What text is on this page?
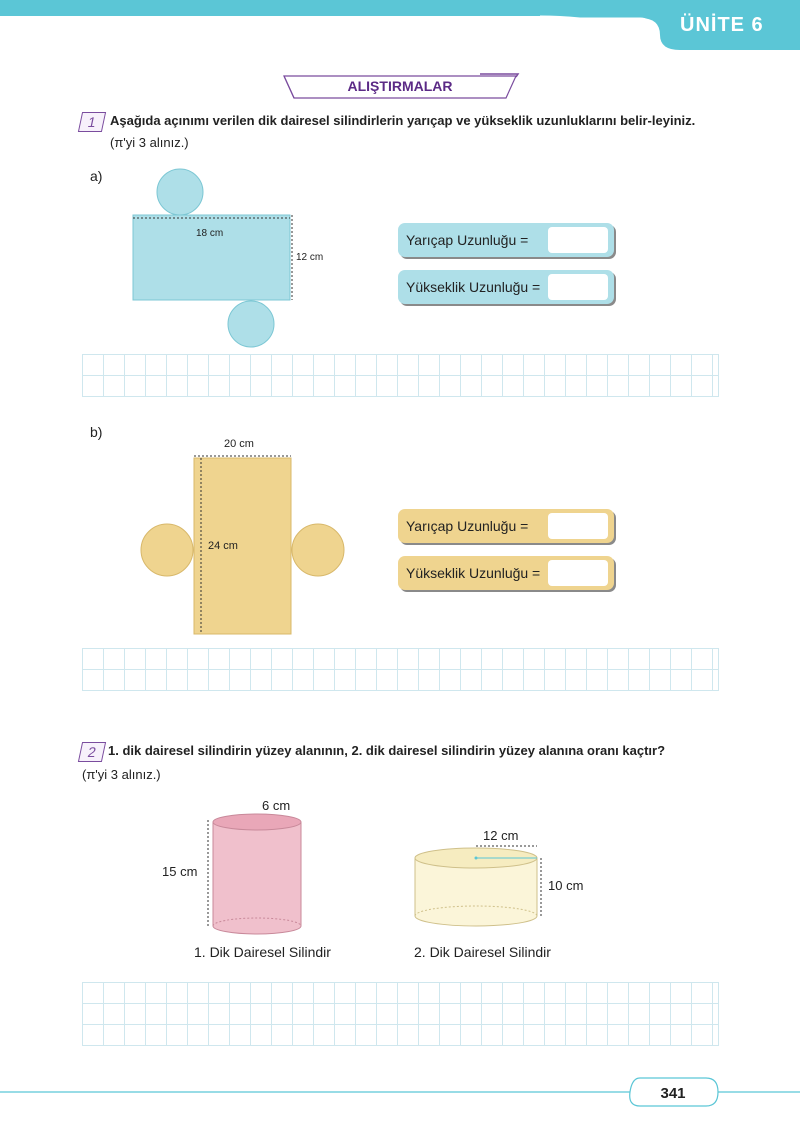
ÜNİTE 6
ALIŞTIRMALAR
1 Aşağıda açınımı verilen dik dairesel silindirlerin yarıçap ve yükseklik uzunluklarını belir-leyiniz. (π'yi 3 alınız.)
a)
18 cm
12 cm
Yarıçap Uzunluğu =
Yükseklik Uzunluğu =
b)
20 cm
24 cm
Yarıçap Uzunluğu =
Yükseklik Uzunluğu =
2 1. dik dairesel silindirin yüzey alanının, 2. dik dairesel silindirin yüzey alanına oranı kaçtır?
(π'yi 3 alınız.)
6 cm
15 cm
1. Dik Dairesel Silindir
12 cm
10 cm
2. Dik Dairesel Silindir
341
